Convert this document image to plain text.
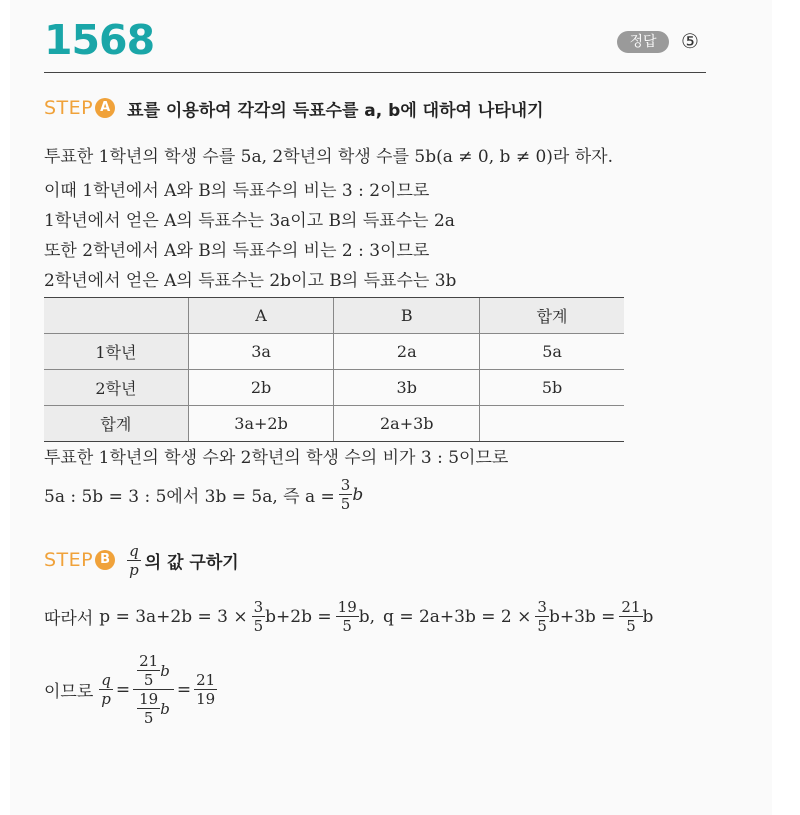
1568	정답	⑤
STEP A 표를 이용하여 각각의 득표수를 a, b에 대하여 나타내기
투표한 1학년의 학생 수를 5a, 2학년의 학생 수를 5b(a ≠ 0, b ≠ 0)라 하자.
이때 1학년에서 A와 B의 득표수의 비는 3 : 2이므로
1학년에서 얻은 A의 득표수는 3a이고 B의 득표수는 2a
또한 2학년에서 A와 B의 득표수의 비는 2 : 3이므로
2학년에서 얻은 A의 득표수는 2b이고 B의 득표수는 3b
	A	B	합계
1학년	3a	2a	5a
2학년	2b	3b	5b
합계	3a+2b	2a+3b	
투표한 1학년의 학생 수와 2학년의 학생 수의 비가 3 : 5이므로
5a : 5b = 3 : 5에서 3b = 5a, 즉 $a = \frac{3}{5}$ b
STEP B	$\frac{q}{p}$ 의 값 구하기
따라서 $p = 3a+2b = 3 \times \frac{3}{5} b+2b = \frac{19}{5} b$, $q = 2a+3b = 2 \times \frac{3}{5} b+3b = \frac{21}{5}$ b
이므로 $\frac{q}{p} = \frac{\frac{21}{5} b}{\frac{19}{5} b} = \frac{21}{19}$
